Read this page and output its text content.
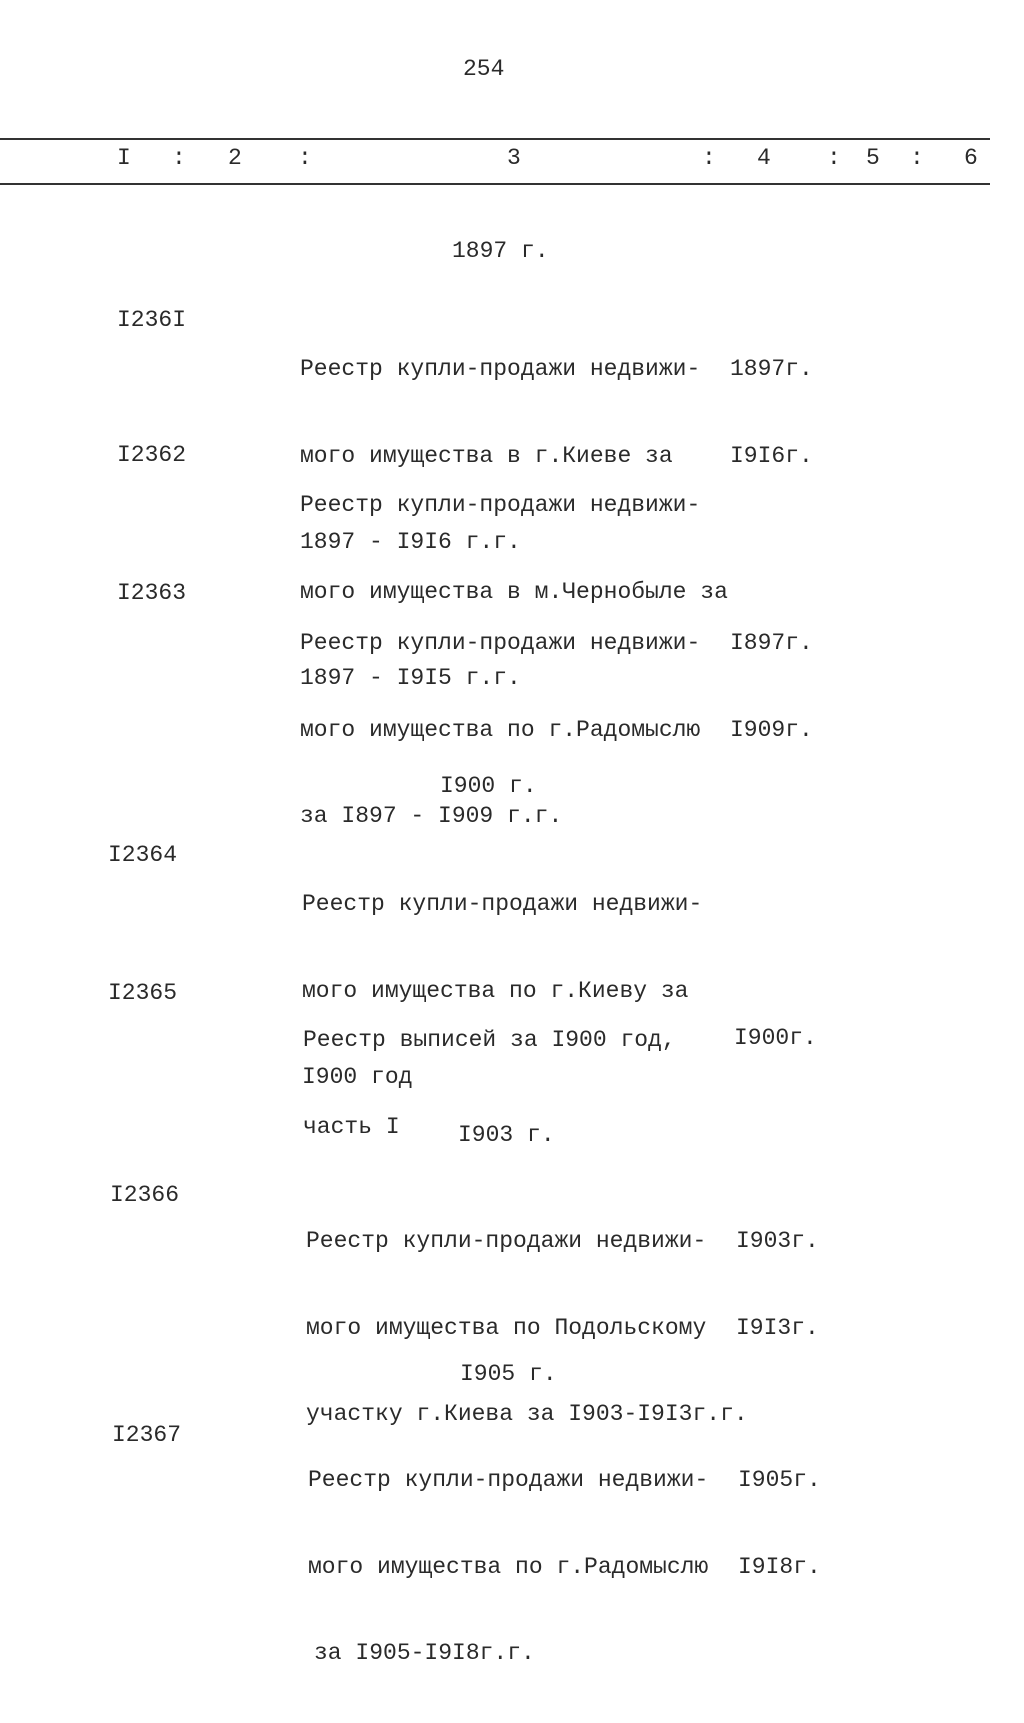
254
I : 2 :	3	: 4 : 5 : 6
1897 г.
I236I

Реестр купли-продажи недвижи-

мого имущества в г.Киеве за

1897 - I9I6 г.г.

1897г.

I9I6г.

I2362

Реестр купли-продажи недвижи-

мого имущества в м.Чернобыле за

1897 - I9I5 г.г.

I2363

Реестр купли-продажи недвижи-

мого имущества по г.Радомыслю

за I897 - I909 г.г.

I897г.

I909г.

I900 г.
I2364

Реестр купли-продажи недвижи-

мого имущества по г.Киеву за

I900 год

I2365

Реестр выписей за I900 год,

часть I

I900г.

I903 г.
I2366

Реестр купли-продажи недвижи-

мого имущества по Подольскому

участку г.Киева за I903-I9I3г.г.

I903г.

I9I3г.

I905 г.
I2367

Реестр купли-продажи недвижи-

мого имущества по г.Радомыслю

за I905-I9I8г.г.

I905г.

I9I8г.
